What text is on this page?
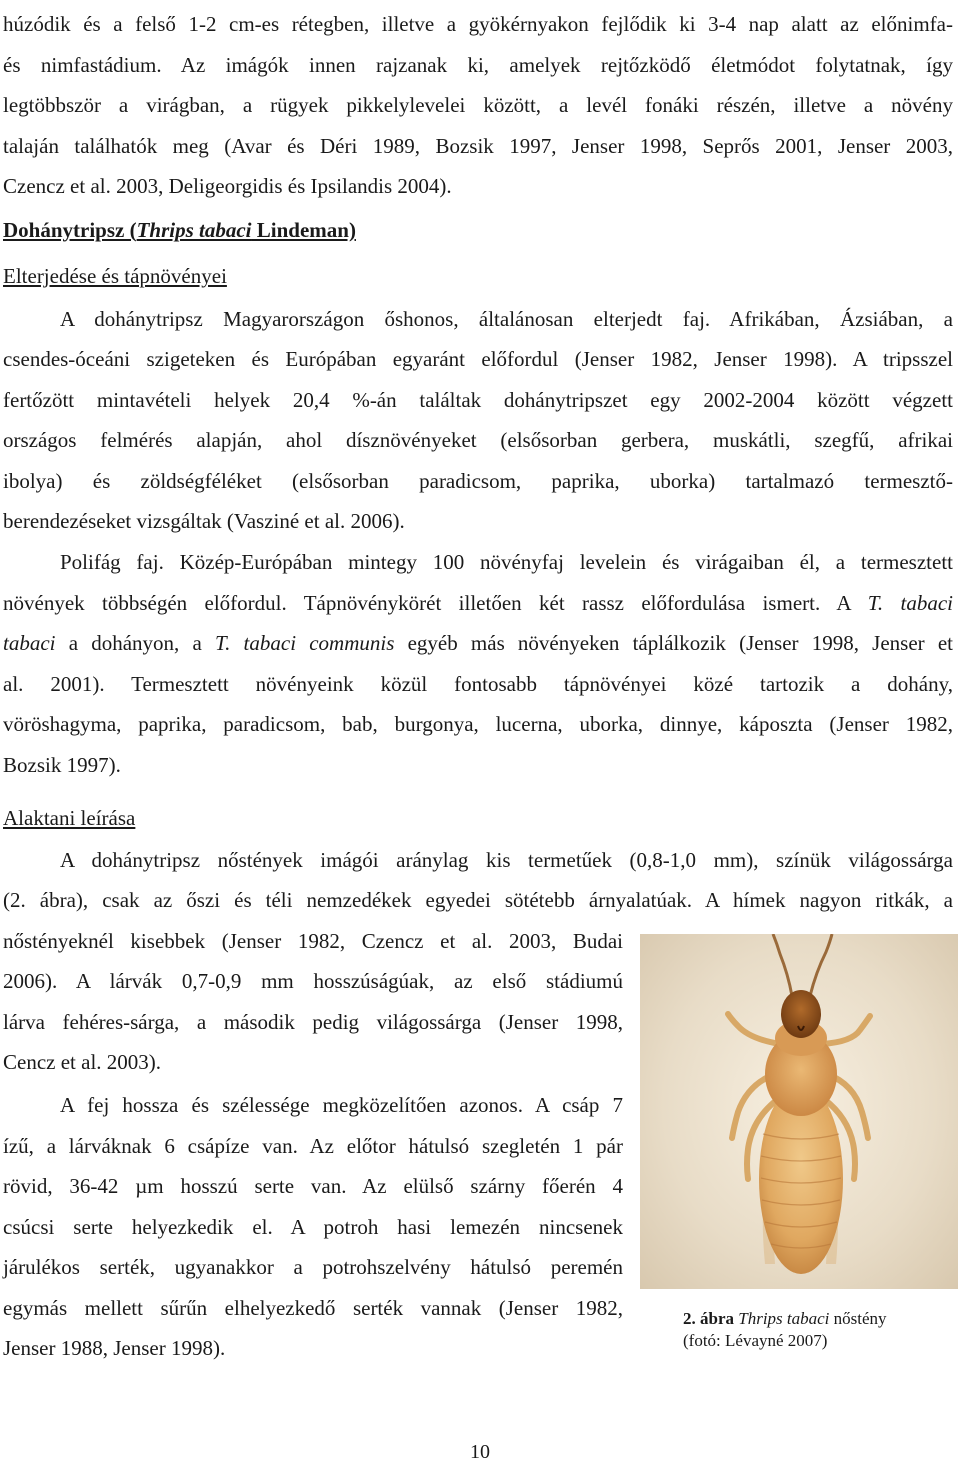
húzódik és a felső 1-2 cm-es rétegben, illetve a gyökérnyakon fejlődik ki 3-4 nap alatt az előnimfa-
és nimfastádium. Az imágók innen rajzanak ki, amelyek rejtőzködő életmódot folytatnak, így
legtöbbször a virágban, a rügyek pikkelylevelei között, a levél fonáki részén, illetve a növény
talaján találhatók meg (Avar és Déri 1989, Bozsik 1997, Jenser 1998, Seprős 2001, Jenser 2003,
Czencz et al. 2003, Deligeorgidis és Ipsilandis 2004).
Dohánytripsz (Thrips tabaci Lindeman)
Elterjedése és tápnövényei
A dohánytripsz Magyarországon őshonos, általánosan elterjedt faj. Afrikában, Ázsiában, a
csendes-óceáni szigeteken és Európában egyaránt előfordul (Jenser 1982, Jenser 1998). A tripsszel
fertőzött mintavételi helyek 20,4 %-án találtak dohánytripszet egy 2002-2004 között végzett
országos felmérés alapján, ahol dísznövényeket (elsősorban gerbera, muskátli, szegfű, afrikai
ibolya) és zöldségféléket (elsősorban paradicsom, paprika, uborka) tartalmazó termesztő-
berendezéseket vizsgáltak (Vasziné et al. 2006).
Polifág faj. Közép-Európában mintegy 100 növényfaj levelein és virágaiban él, a termesztett
növények többségén előfordul. Tápnövénykörét illetően két rassz előfordulása ismert. A T. tabaci
tabaci a dohányon, a T. tabaci communis egyéb más növényeken táplálkozik (Jenser 1998, Jenser et
al. 2001). Termesztett növényeink közül fontosabb tápnövényei közé tartozik a dohány,
vöröshagyma, paprika, paradicsom, bab, burgonya, lucerna, uborka, dinnye, káposzta (Jenser 1982,
Bozsik 1997).
Alaktani leírása
A dohánytripsz nőstények imágói aránylag kis termetűek (0,8-1,0 mm), színük világossárga
(2. ábra), csak az őszi és téli nemzedékek egyedei sötétebb árnyalatúak. A hímek nagyon ritkák, a
nőstényeknél kisebbek (Jenser 1982, Czencz et al. 2003, Budai
2006). A lárvák 0,7-0,9 mm hosszúságúak, az első stádiumú
lárva fehéres-sárga, a második pedig világossárga (Jenser 1998,
Cencz et al. 2003).
A fej hossza és szélessége megközelítően azonos. A csáp 7
ízű, a lárváknak 6 csápíze van. Az előtor hátulsó szegletén 1 pár
rövid, 36-42 µm hosszú serte van. Az elülső szárny főerén 4
csúcsi serte helyezkedik el. A potroh hasi lemezén nincsenek
járulékos serték, ugyanakkor a potrohszelvény hátulsó peremén
egymás mellett sűrűn elhelyezkedő serték vannak (Jenser 1982,
Jenser 1988, Jenser 1998).
2. ábra Thrips tabaci nőstény
(fotó: Lévayné 2007)
10
